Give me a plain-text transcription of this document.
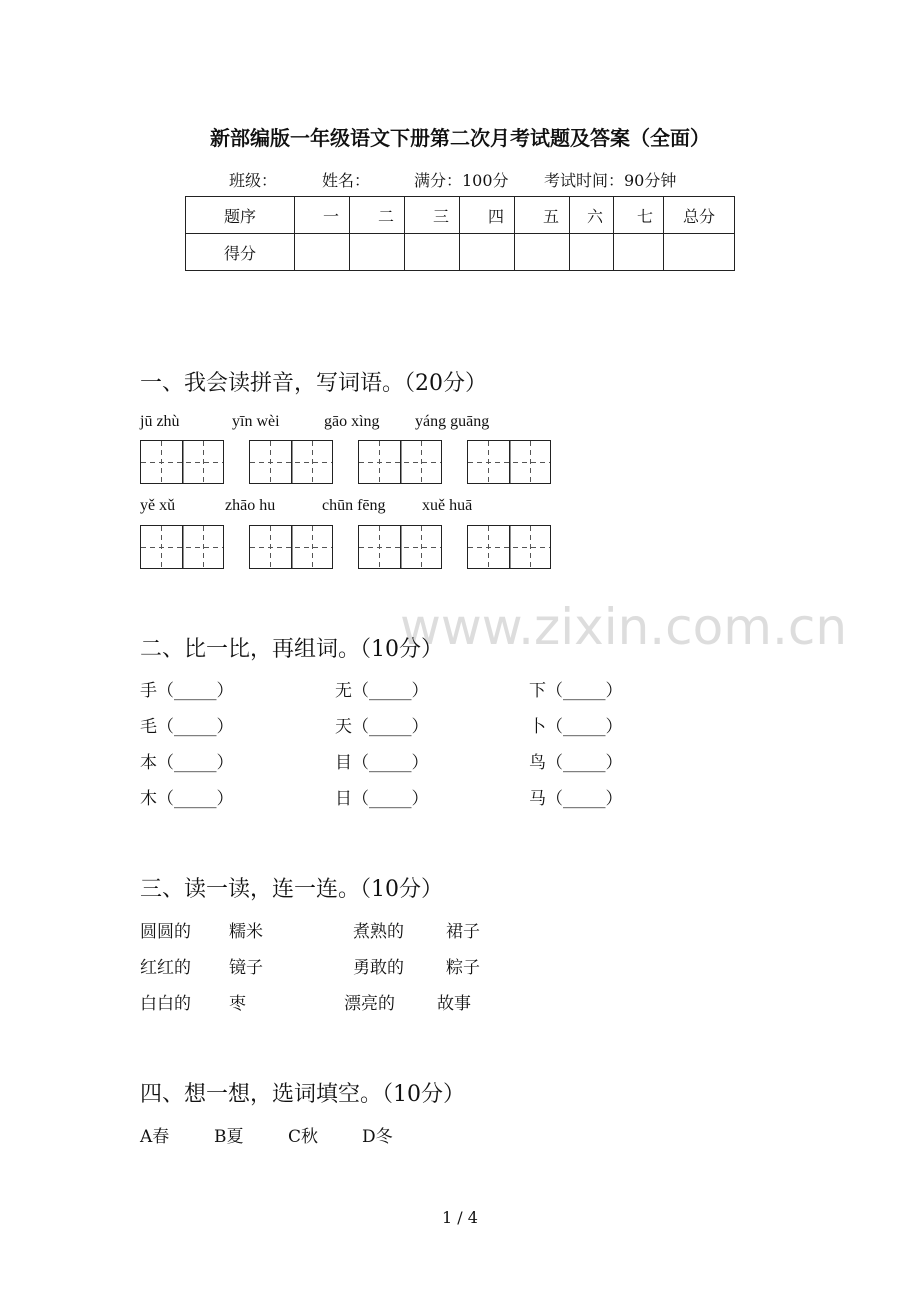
www.zixin.com.cn
新部编版一年级语文下册第二次月考试题及答案（全面）
班级：	姓名：	满分：100分 考试时间：90分钟
题序	一	二	三	四	五	六	七	总分
得分								
一、我会读拼音，写词语。（20分）
jū zhù	yīn wèi	gāo xìng yáng guāng
yě xǔ	zhāo hu	chūn fēng xuě huā
二、比一比，再组词。（10分）
手（_____）	无（_____）	下（_____）
毛（_____）	天（_____）	卜（_____）
本（_____）	目（_____）	鸟（_____）
木（_____）	日（_____）	马（_____）
三、读一读，连一连。（10分）
圆圆的 糯米	煮熟的 裙子
红红的 镜子	勇敢的 粽子
白白的 枣	漂亮的 故事
四、想一想，选词填空。（10分）
A春	B夏	C秋	D冬
1 / 4
